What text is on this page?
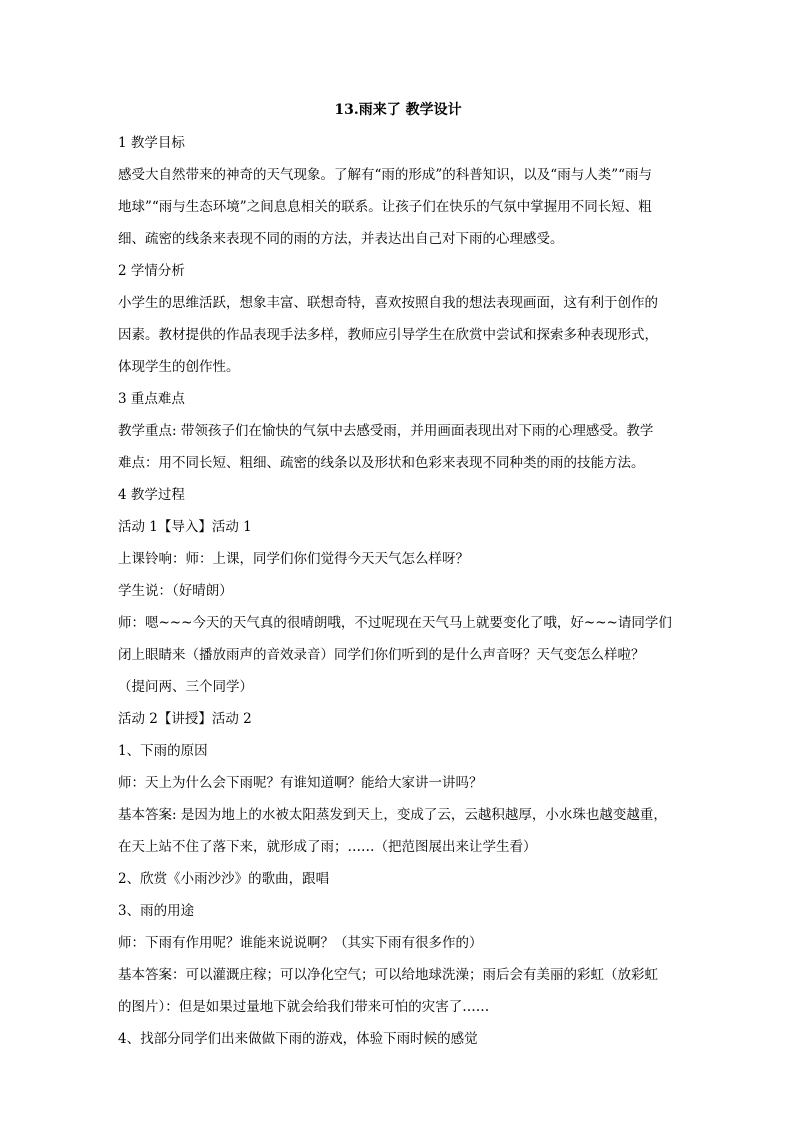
13.雨来了 教学设计
1 教学目标
感受大自然带来的神奇的天气现象。了解有“雨的形成”的科普知识，以及“雨与人类”“雨与
地球”“雨与生态环境”之间息息相关的联系。让孩子们在快乐的气氛中掌握用不同长短、粗
细、疏密的线条来表现不同的雨的方法，并表达出自己对下雨的心理感受。
2 学情分析
小学生的思维活跃，想象丰富、联想奇特，喜欢按照自我的想法表现画面，这有利于创作的
因素。教材提供的作品表现手法多样，教师应引导学生在欣赏中尝试和探索多种表现形式，
体现学生的创作性。
3 重点难点
教学重点: 带领孩子们在愉快的气氛中去感受雨，并用画面表现出对下雨的心理感受。教学
难点：用不同长短、粗细、疏密的线条以及形状和色彩来表现不同种类的雨的技能方法。
4 教学过程
活动 1【导入】活动 1
上课铃响：师：上课，同学们你们觉得今天天气怎么样呀？
学生说：（好晴朗）
师：嗯~~~今天的天气真的很晴朗哦，不过呢现在天气马上就要变化了哦，好~~~请同学们
闭上眼睛来（播放雨声的音效录音）同学们你们听到的是什么声音呀？天气变怎么样啦？
（提问两、三个同学）
活动 2【讲授】活动 2
1、下雨的原因
师：天上为什么会下雨呢？有谁知道啊？能给大家讲一讲吗？
基本答案: 是因为地上的水被太阳蒸发到天上，变成了云，云越积越厚，小水珠也越变越重，
在天上站不住了落下来，就形成了雨；……（把范图展出来让学生看）
2、欣赏《小雨沙沙》的歌曲，跟唱
3、雨的用途
师：下雨有作用呢？谁能来说说啊？（其实下雨有很多作的）
基本答案：可以灌溉庄稼；可以净化空气；可以给地球洗澡；雨后会有美丽的彩虹（放彩虹
的图片）：但是如果过量地下就会给我们带来可怕的灾害了……
4、找部分同学们出来做做下雨的游戏，体验下雨时候的感觉
